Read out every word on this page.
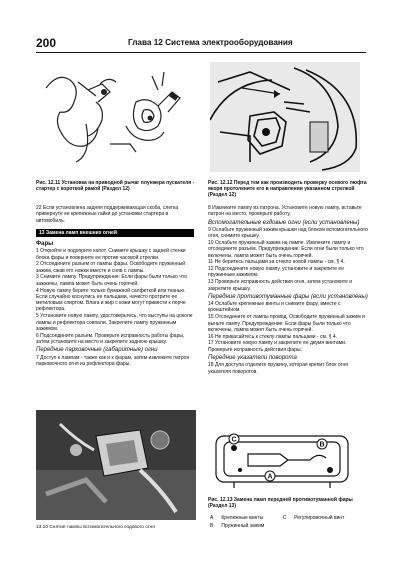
200	Глава 12 Система электрооборудования
Рис. 12.11 Установка на приводной рычаг плунжера пускателя - стартер с короткой рамой (Раздел 12)
Рис. 12.12 Перед тем как производить проверку осевого люфта якоря протолкните его в направлении указанном стрелкой (Раздел 12)

22 Если установлена задняя поддерживающая скоба, слегка привернуте ее крепежные гайки до установки стартера в автомобиль.

13 Замена ламп внешних огней
Фары

1 Откройте и подоприте капот. Снимите крышку с задней стенки блока фары и поверните ее против часовой стрелки.

2 Отсоедините разъем от лампы фары. Освободите пружинный зажим, сжав его ножки вместе и сняв с лампы.

3 Снимите лампу. Предупреждение: Если фары были только что зажжены, лампа может быть очень горячей.

4 Новую лампу берите только бумажной салфеткой или тканью. Если случайно коснулись ее пальцами, начисто протрите ее метиловым спиртом. Влага и жир с кожи могут привести к порче рефлектора.

5 Установите новую лампу, удостоверьтесь, что выступы на цоколе лампы и рефлектора совпали. Закрепите лампу пружинным зажимом.

6 Подсоедините разъем. Проверьте исправность работы фары, затем установите на место и закрепите заднюю крышку.

Передние парковочные (габаритные) огни

7 Доступ к лампам - также как и к фарам, затем извлеките патрон парковочного огня из рефлектора фары.

13.10 Снятие лампы вспомогательного ездового огня

8 Извлеките лампу из патрона. Установите новую лампу, вставьте патрон на место, проверьте работу.

Вспомогательные ездовые огни (если установлены)

9 Ослабьте пружинный зажим крышки над блоком вспомогательного огня, снимите крышку.

10 Ослабьте пружинный зажим на лампе. Извлеките лампу и отсоедините разъем. Предупреждение: Если огни были только что включены, лампа может быть очень горячей.

11 Не беритесь пальцами за стекло новой лампы - см. § 4.

12 Подсоедините новую лампу, установите и закрепите ее пружинным зажимом.

13 Проверьте исправность действия огня, затем установите и закрепите крышку.

Передние противотуманные фары (если установлены)

14 Ослабьте крепежные винты и снимите фару, вместе с кронштейном.

15 Отсоедините от лампы провод. Освободите пружинный зажим и выньте лампу. Предупреждение: Если фары были только что включены, лампа может быть очень горячей.

16 Не прикасайтесь к стеклу лампы пальцами - см. § 4.

17 Установите новую лампу и закрепите ее двумя винтами. Проверьте исправность действия фары.

Передние указатели поворота

18 Для доступа отделите пружину, которая крепит блок огня указателя поворотов.

C
A
B
Рис. 12.13 Замена ламп передней противотуманной фары (Раздел 13)
A Крепежные винты	C Регулировочный винт
B Пружинный зажим
